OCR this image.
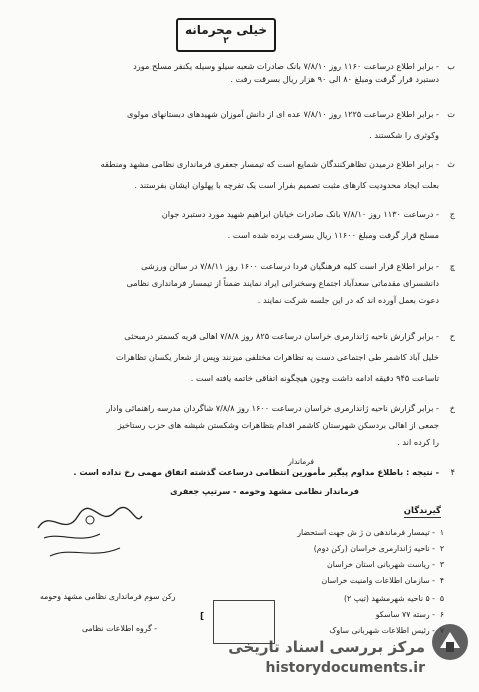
خیلی محرمانه
۲
ب
- برابر اطلاع درساعت ۱۱۶۰ روز ۷/۸/۱۰ بانک صادرات شعبه سیلو وسیله یکنفر مسلح مورد
دستبرد قرار گرفت ومبلغ ۸۰ الی ۹۰ هزار ریال بسرقت رفت .
ت
- برابر اطلاع درساعت ۱۲۲۵ روز ۷/۸/۱۰ عده ای از دانش آموزان شهیدهای دبستانهای مولوی
وکوثری را شکستند .
ث
- برابر اطلاع درمیدن تظاهرکنندگان شمایع است که تیمسار جعفری فرمانداری نظامی مشهد ومنطقه
بعلت ایجاد محدودیت کارهای مثبت تصمیم بفرار است یک تفرچه با پهلوان ایشان بفرستند .
ج
- درساعت ۱۱۳۰ روز ۷/۸/۱۰ بانک صادرات خیابان ابراهیم شهید مورد دستبرد جوان
مسلح قرار گرفت ومبلغ ۱۱۶۰۰ ریال بسرقت برده شده است .
چ
- برابر اطلاع قرار است کلیه فرهنگیان فردا درساعت ۱۶۰۰ روز ۷/۸/۱۱ در سالن ورزشی
دانشسرای مقدماتی سعدآباد اجتماع وسخنرانی ایراد نمایند ضمناً از تیمسار فرمانداری نظامی
دعوت بعمل آورده اند که در این جلسه شرکت نمایند .
ح
- برابر گزارش ناحیه ژاندارمری خراسان درساعت ۸۲۵ روز ۷/۸/۸ اهالی قریه کسمتر درمبحثی
خلیل آباد کاشمر طی اجتماعی دست به تظاهرات مختلفی میزنند وپس از شعار یکسان تظاهرات
تاساعت ۹۴۵ دقیقه ادامه داشت وچون هیچگونه اتفاقی خاتمه یافته است .
خ
- برابر گزارش ناحیه ژاندارمری خراسان درساعت ۱۶۰۰ روز ۷/۸/۸ شاگردان مدرسه راهنمائی وادار
جمعی از اهالی بردسکن شهرستان کاشمر اقدام بتظاهرات وشکستن شیشه های حزب رستاخیز
را کرده اند .
۴
- نتیجه : باطلاع مداوم پیگیر مأمورین انتظامی درساعت گذشته اتفاق مهمی رخ نداده است .
فرماندار نظامی مشهد وحومه - سرتیپ جعفری
فرماندار
گیرندگان
۱- تیمسار فرماندهی ن ژ ش جهت استحضار
۲- ناحیه ژاندارمری خراسان (رکن دوم)
۳- ریاست شهربانی استان خراسان
۴- سازمان اطلاعات وامنیت خراسان
۵- ۵ ناحیه شهرمشهد (تیپ ۲)
۶- رسته ۷۷ ساسکو
- رئیس اطلاعات شهربانی ساوک
رکن سوم فرمانداری نظامی مشهد وحومه
- گروه اطلاعات نظامی
]
مرکز بررسی اسناد تاریخی
historydocuments.ir
